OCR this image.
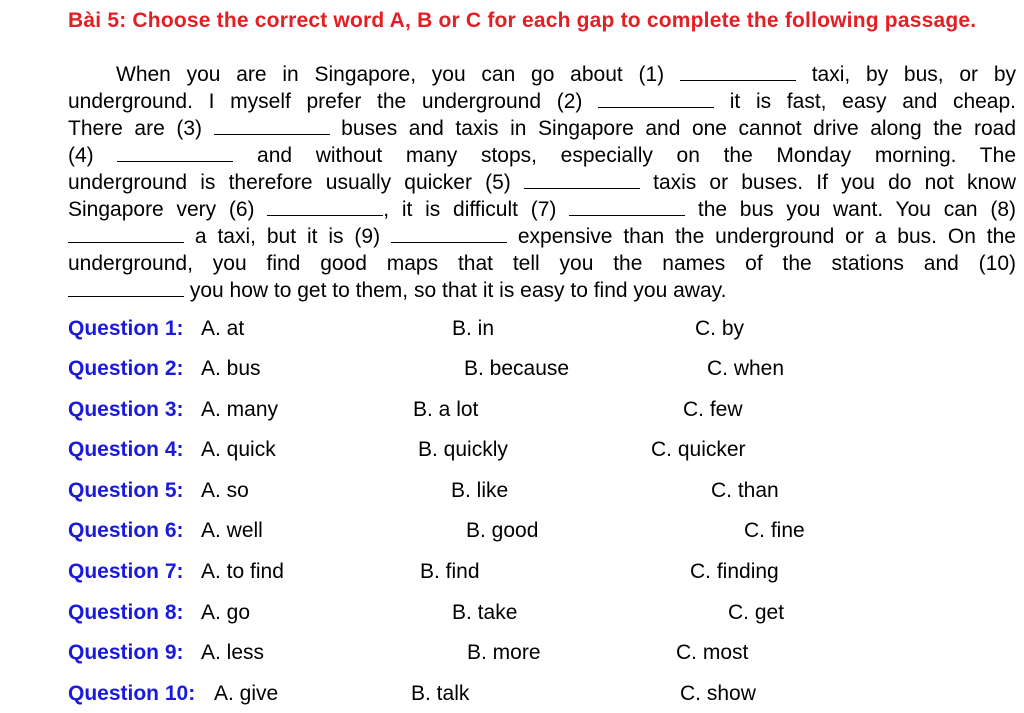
Bài 5: Choose the correct word A, B or C for each gap to complete the following passage.
When you are in Singapore, you can go about (1)	taxi, by bus, or by
underground. I myself prefer the underground (2)	it is fast, easy and cheap.
There are (3)	buses and taxis in Singapore and one cannot drive along the road
(4)	and without many stops, especially on the Monday morning. The
underground is therefore usually quicker (5)	taxis or buses. If you do not know
Singapore very (6)	, it is difficult (7)	the bus you want. You can (8)
a taxi, but it is (9)	expensive than the underground or a bus. On the
underground, you find good maps that tell you the names of the stations and (10)
you how to get to them, so that it is easy to find you away.
Question 1: A. at	B. in	C. by
Question 2: A. bus	B. because	C. when
Question 3: A. many	B. a lot	C. few
Question 4: A. quick	B. quickly	C. quicker
Question 5: A. so	B. like	C. than
Question 6: A. well	B. good	C. fine
Question 7: A. to find	B. find	C. finding
Question 8: A. go	B. take	C. get
Question 9: A. less	B. more	C. most
Question 10: A. give	B. talk	C. show
